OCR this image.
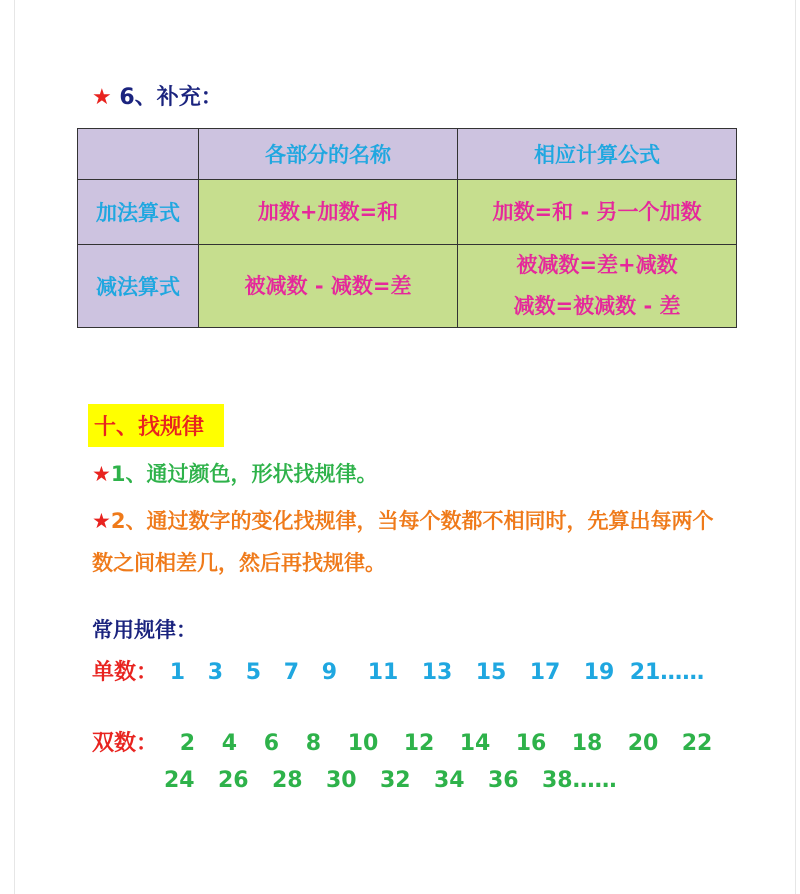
★ 6、补充：
	各部分的名称	相应计算公式
加法算式	加数+加数=和	加数=和 - 另一个加数
减法算式	被减数 - 减数=差	被减数=差+减数
减数=被减数 - 差
十、找规律
★1、通过颜色，形状找规律。
★2、通过数字的变化找规律，当每个数都不相同时，先算出每两个数之间相差几，然后再找规律。
常用规律：
单数： 1 3 5 7 9 11 13 15 17 19 21……
双数： 2 4 6 8 10 12 14 16 18 20 22
24 26 28 30 32 34 36 38……
